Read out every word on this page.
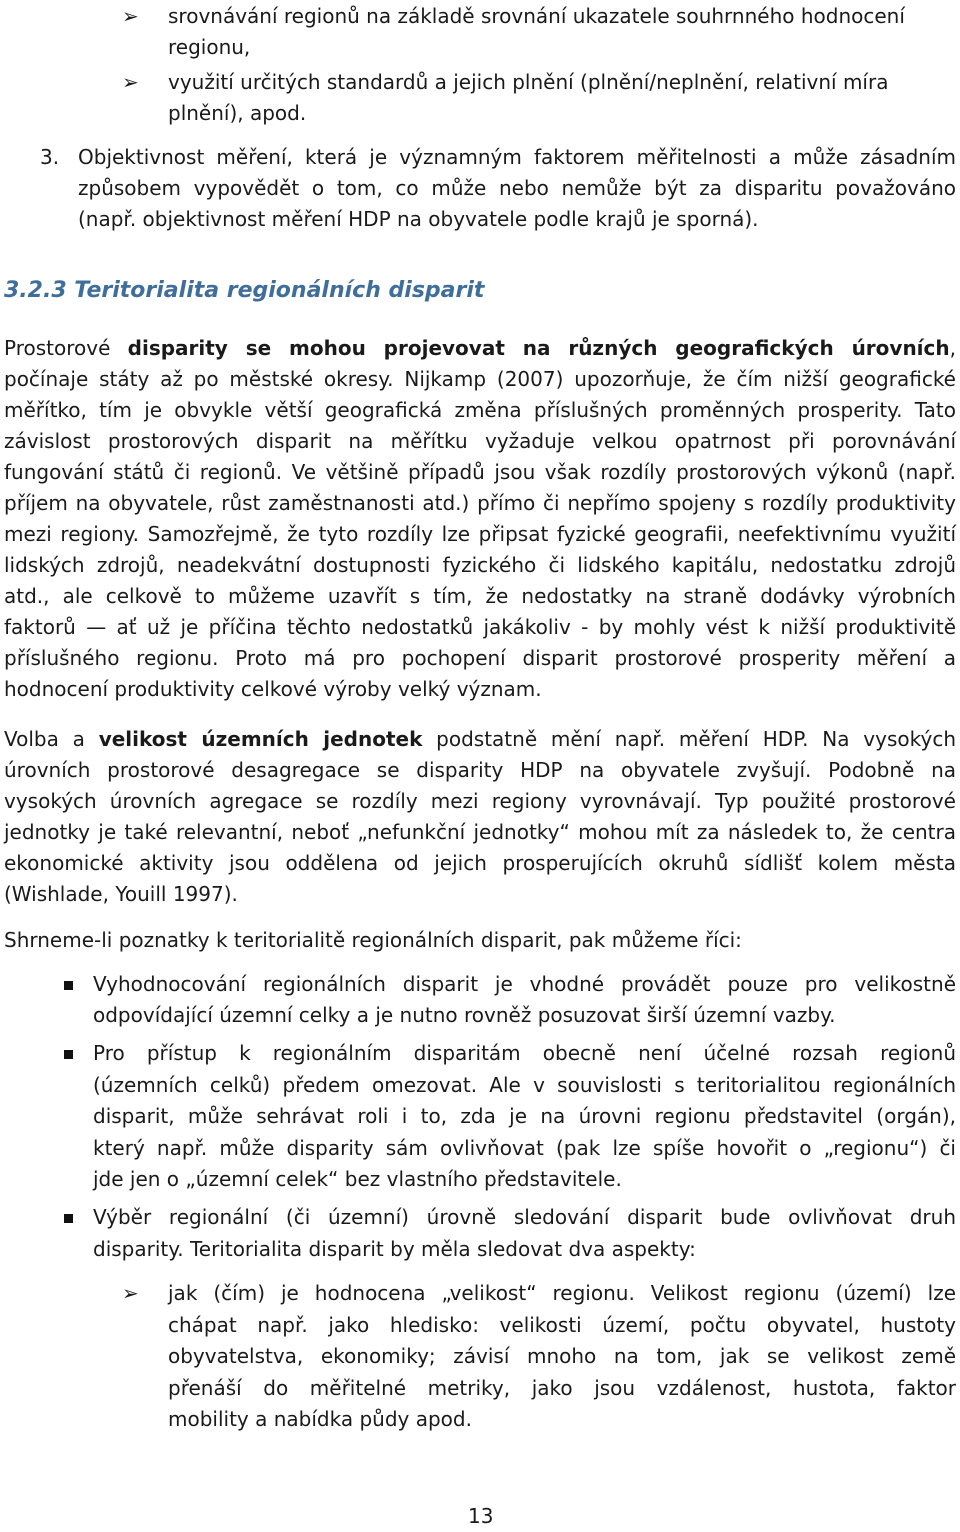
➢ srovnávání regionů na základě srovnání ukazatele souhrnného hodnocení
regionu,
➢ využití určitých standardů a jejich plnění (plnění/neplnění, relativní míra
plnění), apod.
3. Objektivnost měření, která je významným faktorem měřitelnosti a může zásadním
způsobem vypovědět o tom, co může nebo nemůže být za disparitu považováno
(např. objektivnost měření HDP na obyvatele podle krajů je sporná).
3.2.3 Teritorialita regionálních disparit
Prostorové disparity se mohou projevovat na různých geografických úrovních,
počínaje státy až po městské okresy. Nijkamp (2007) upozorňuje, že čím nižší geografické
měřítko, tím je obvykle větší geografická změna příslušných proměnných prosperity. Tato
závislost prostorových disparit na měřítku vyžaduje velkou opatrnost při porovnávání
fungování států či regionů. Ve většině případů jsou však rozdíly prostorových výkonů (např.
příjem na obyvatele, růst zaměstnanosti atd.) přímo či nepřímo spojeny s rozdíly produktivity
mezi regiony. Samozřejmě, že tyto rozdíly lze připsat fyzické geografii, neefektivnímu využití
lidských zdrojů, neadekvátní dostupnosti fyzického či lidského kapitálu, nedostatku zdrojů
atd., ale celkově to můžeme uzavřít s tím, že nedostatky na straně dodávky výrobních
faktorů — ať už je příčina těchto nedostatků jakákoliv - by mohly vést k nižší produktivitě
příslušného regionu. Proto má pro pochopení disparit prostorové prosperity měření a
hodnocení produktivity celkové výroby velký význam.
Volba a velikost územních jednotek podstatně mění např. měření HDP. Na vysokých
úrovních prostorové desagregace se disparity HDP na obyvatele zvyšují. Podobně na
vysokých úrovních agregace se rozdíly mezi regiony vyrovnávají. Typ použité prostorové
jednotky je také relevantní, neboť „nefunkční jednotky“ mohou mít za následek to, že centra
ekonomické aktivity jsou oddělena od jejich prosperujících okruhů sídlišť kolem města
(Wishlade, Youill 1997).
Shrneme-li poznatky k teritorialitě regionálních disparit, pak můžeme říci:
Vyhodnocování regionálních disparit je vhodné provádět pouze pro velikostně
odpovídající územní celky a je nutno rovněž posuzovat širší územní vazby.
Pro přístup k regionálním disparitám obecně není účelné rozsah regionů
(územních celků) předem omezovat. Ale v souvislosti s teritorialitou regionálních
disparit, může sehrávat roli i to, zda je na úrovni regionu představitel (orgán),
který např. může disparity sám ovlivňovat (pak lze spíše hovořit o „regionu“) či
jde jen o „územní celek“ bez vlastního představitele.
Výběr regionální (či územní) úrovně sledování disparit bude ovlivňovat druh
disparity. Teritorialita disparit by měla sledovat dva aspekty:
➢ jak (čím) je hodnocena „velikost“ regionu. Velikost regionu (území) lze
chápat např. jako hledisko: velikosti území, počtu obyvatel, hustoty
obyvatelstva, ekonomiky; závisí mnoho na tom, jak se velikost země
přenáší do měřitelné metriky, jako jsou vzdálenost, hustota, faktor
mobility a nabídka půdy apod.
13
